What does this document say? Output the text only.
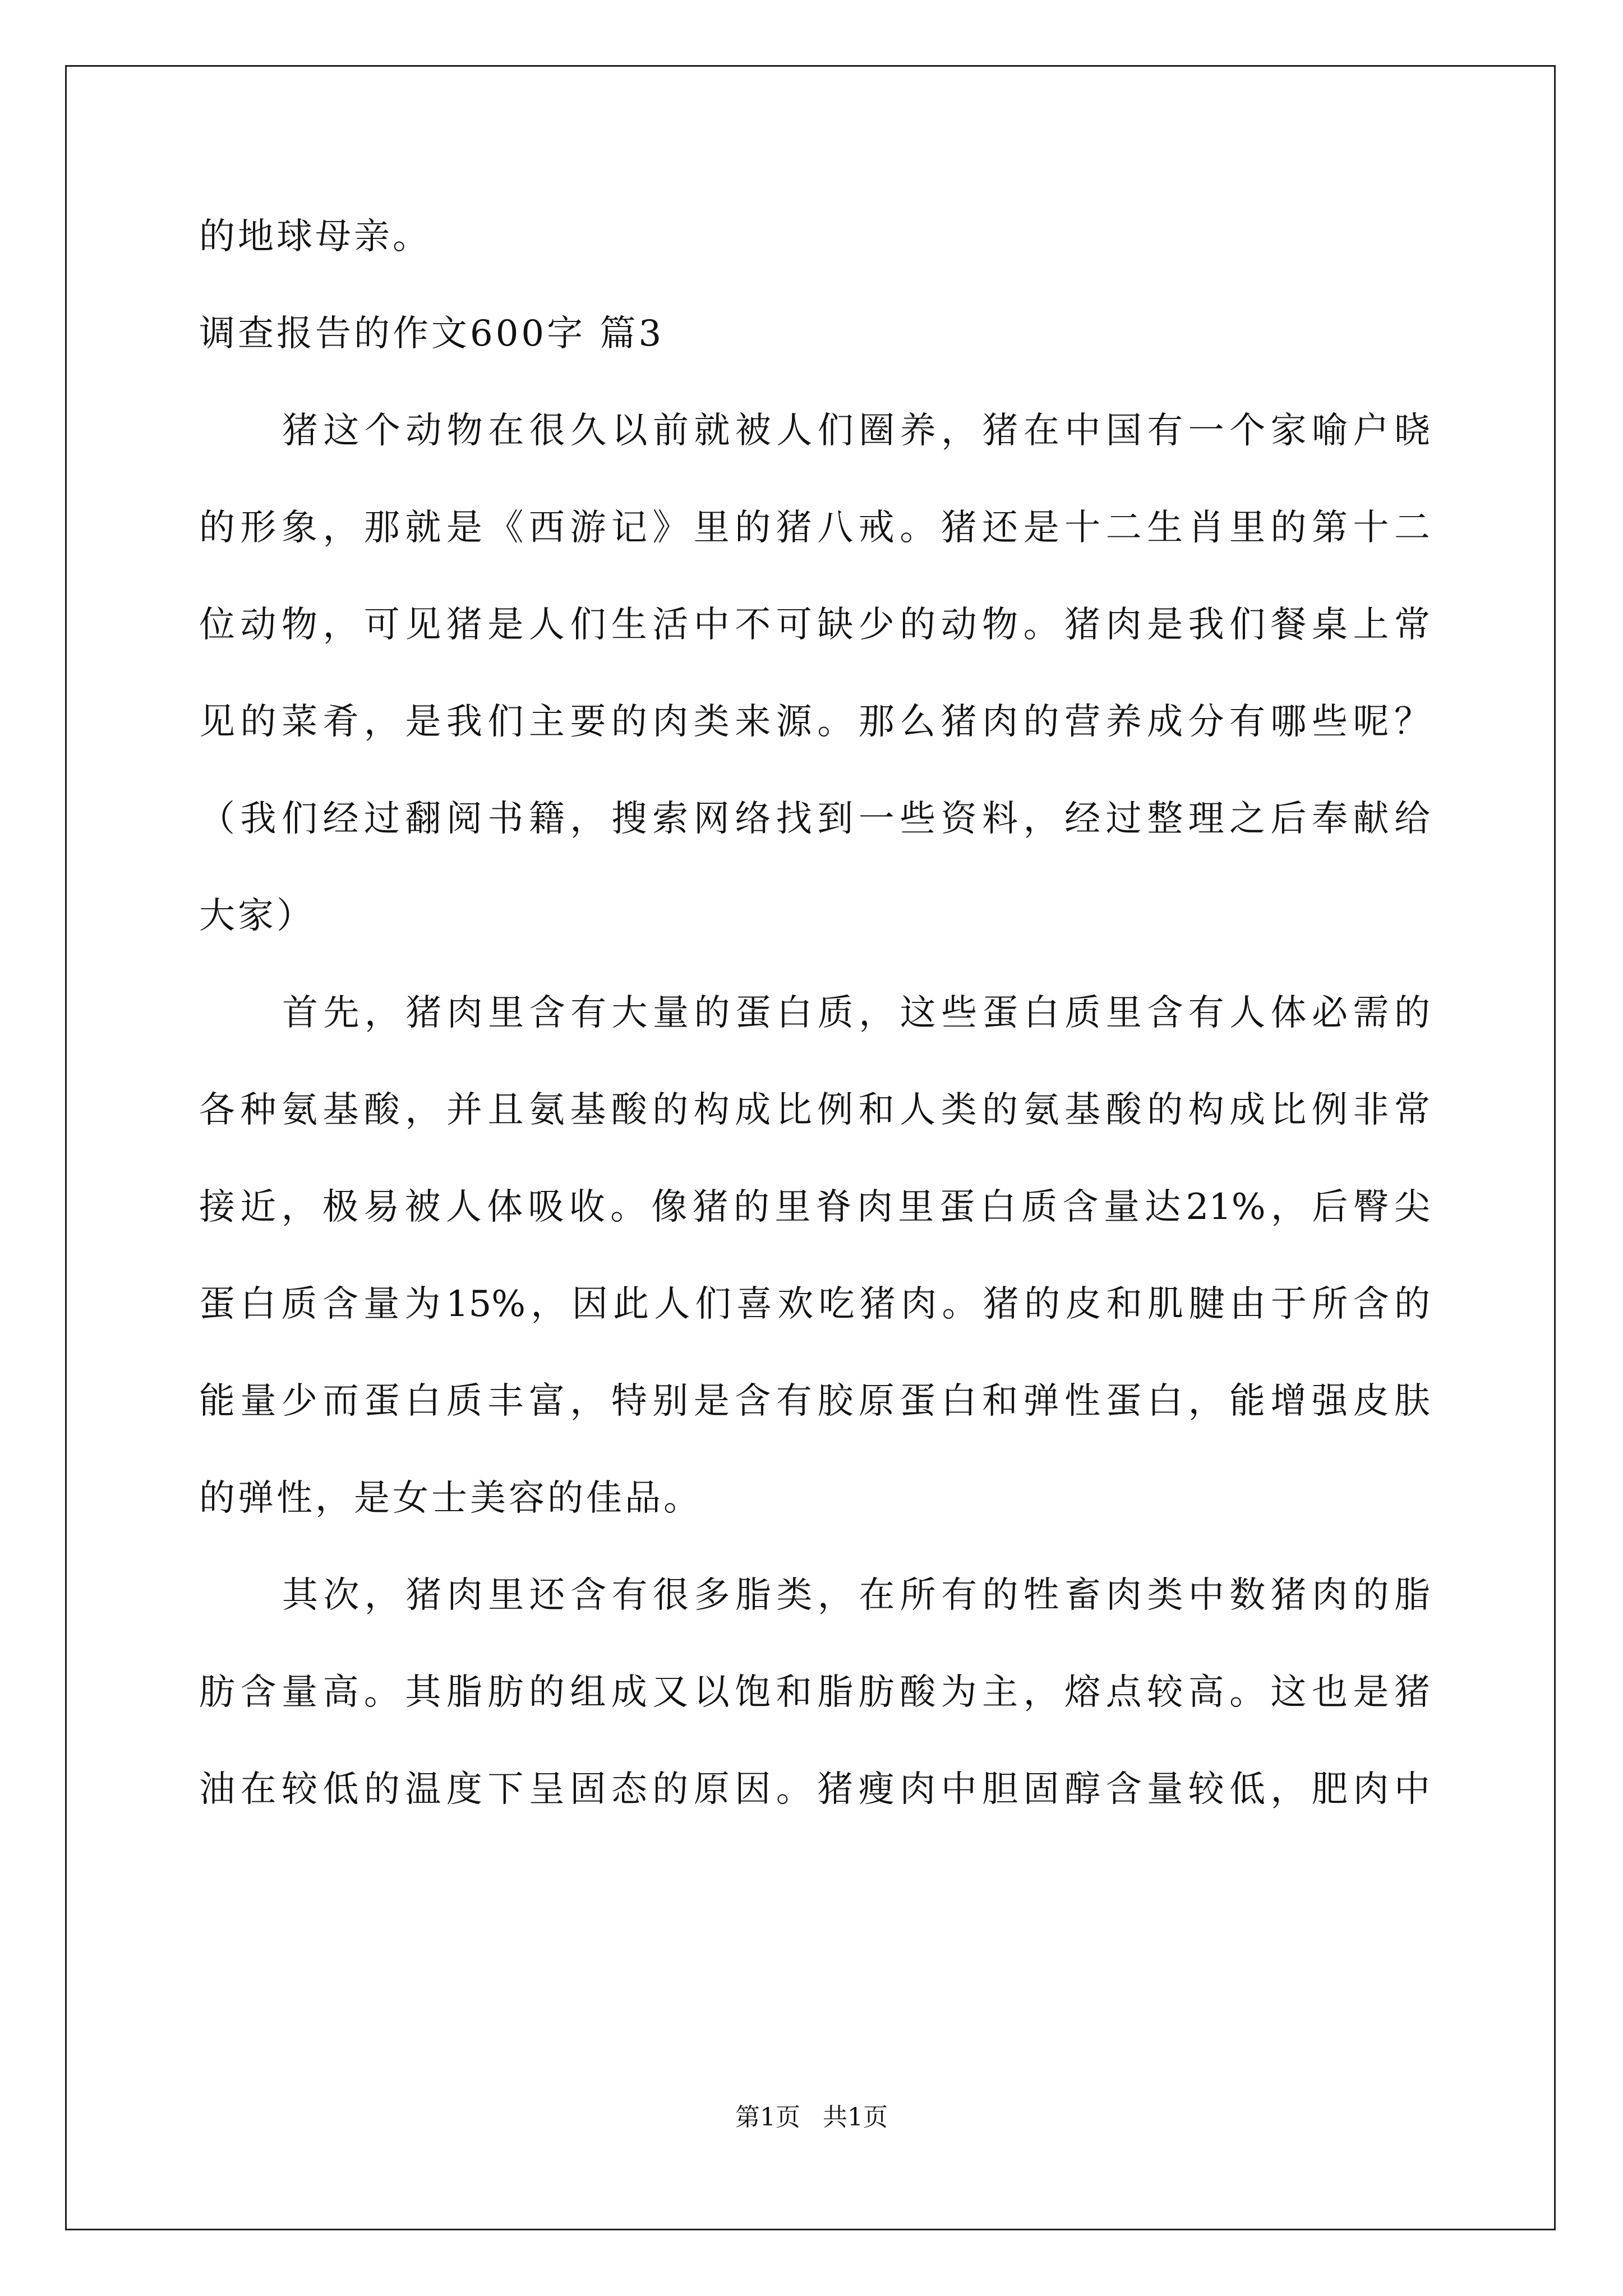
的地球母亲。
调查报告的作文600字 篇3
猪这个动物在很久以前就被人们圈养，猪在中国有一个家喻户晓
的形象，那就是《西游记》里的猪八戒。猪还是十二生肖里的第十二
位动物，可见猪是人们生活中不可缺少的动物。猪肉是我们餐桌上常
见的菜肴，是我们主要的肉类来源。那么猪肉的营养成分有哪些呢？
（我们经过翻阅书籍，搜索网络找到一些资料，经过整理之后奉献给
大家）
首先，猪肉里含有大量的蛋白质，这些蛋白质里含有人体必需的
各种氨基酸，并且氨基酸的构成比例和人类的氨基酸的构成比例非常
接近，极易被人体吸收。像猪的里脊肉里蛋白质含量达21%，后臀尖
蛋白质含量为15%，因此人们喜欢吃猪肉。猪的皮和肌腱由于所含的
能量少而蛋白质丰富，特别是含有胶原蛋白和弹性蛋白，能增强皮肤
的弹性，是女士美容的佳品。
其次，猪肉里还含有很多脂类，在所有的牲畜肉类中数猪肉的脂
肪含量高。其脂肪的组成又以饱和脂肪酸为主，熔点较高。这也是猪
油在较低的温度下呈固态的原因。猪瘦肉中胆固醇含量较低，肥肉中
第1页 共1页
